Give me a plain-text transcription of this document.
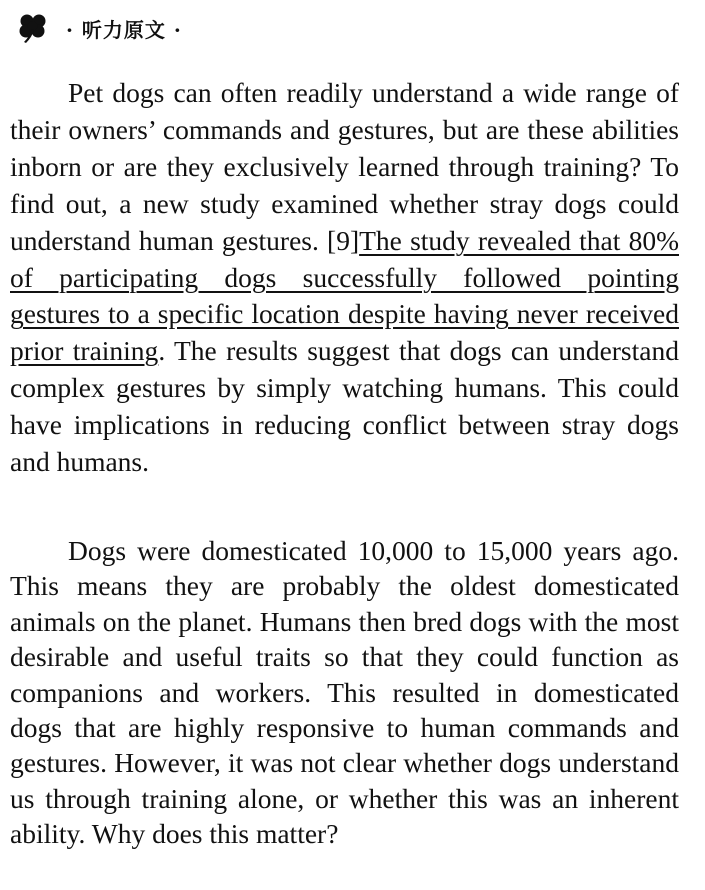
· 听力原文 ·

Pet dogs can often readily understand a wide range of their owners’ commands and gestures, but are these abilities inborn or are they exclusively learned through training? To find out, a new study examined whether stray dogs could understand human gestures. [9]The study revealed that 80% of participating dogs successfully followed pointing gestures to a specific location despite having never received prior training. The results suggest that dogs can understand complex gestures by simply watching humans. This could have implications in reducing conflict between stray dogs and humans.

Dogs were domesticated 10,000 to 15,000 years ago. This means they are probably the oldest domesticated animals on the planet. Humans then bred dogs with the most desirable and useful traits so that they could function as companions and workers. This resulted in domesticated dogs that are highly responsive to human commands and gestures. However, it was not clear whether dogs understand us through training alone, or whether this was an inherent ability. Why does this matter?
